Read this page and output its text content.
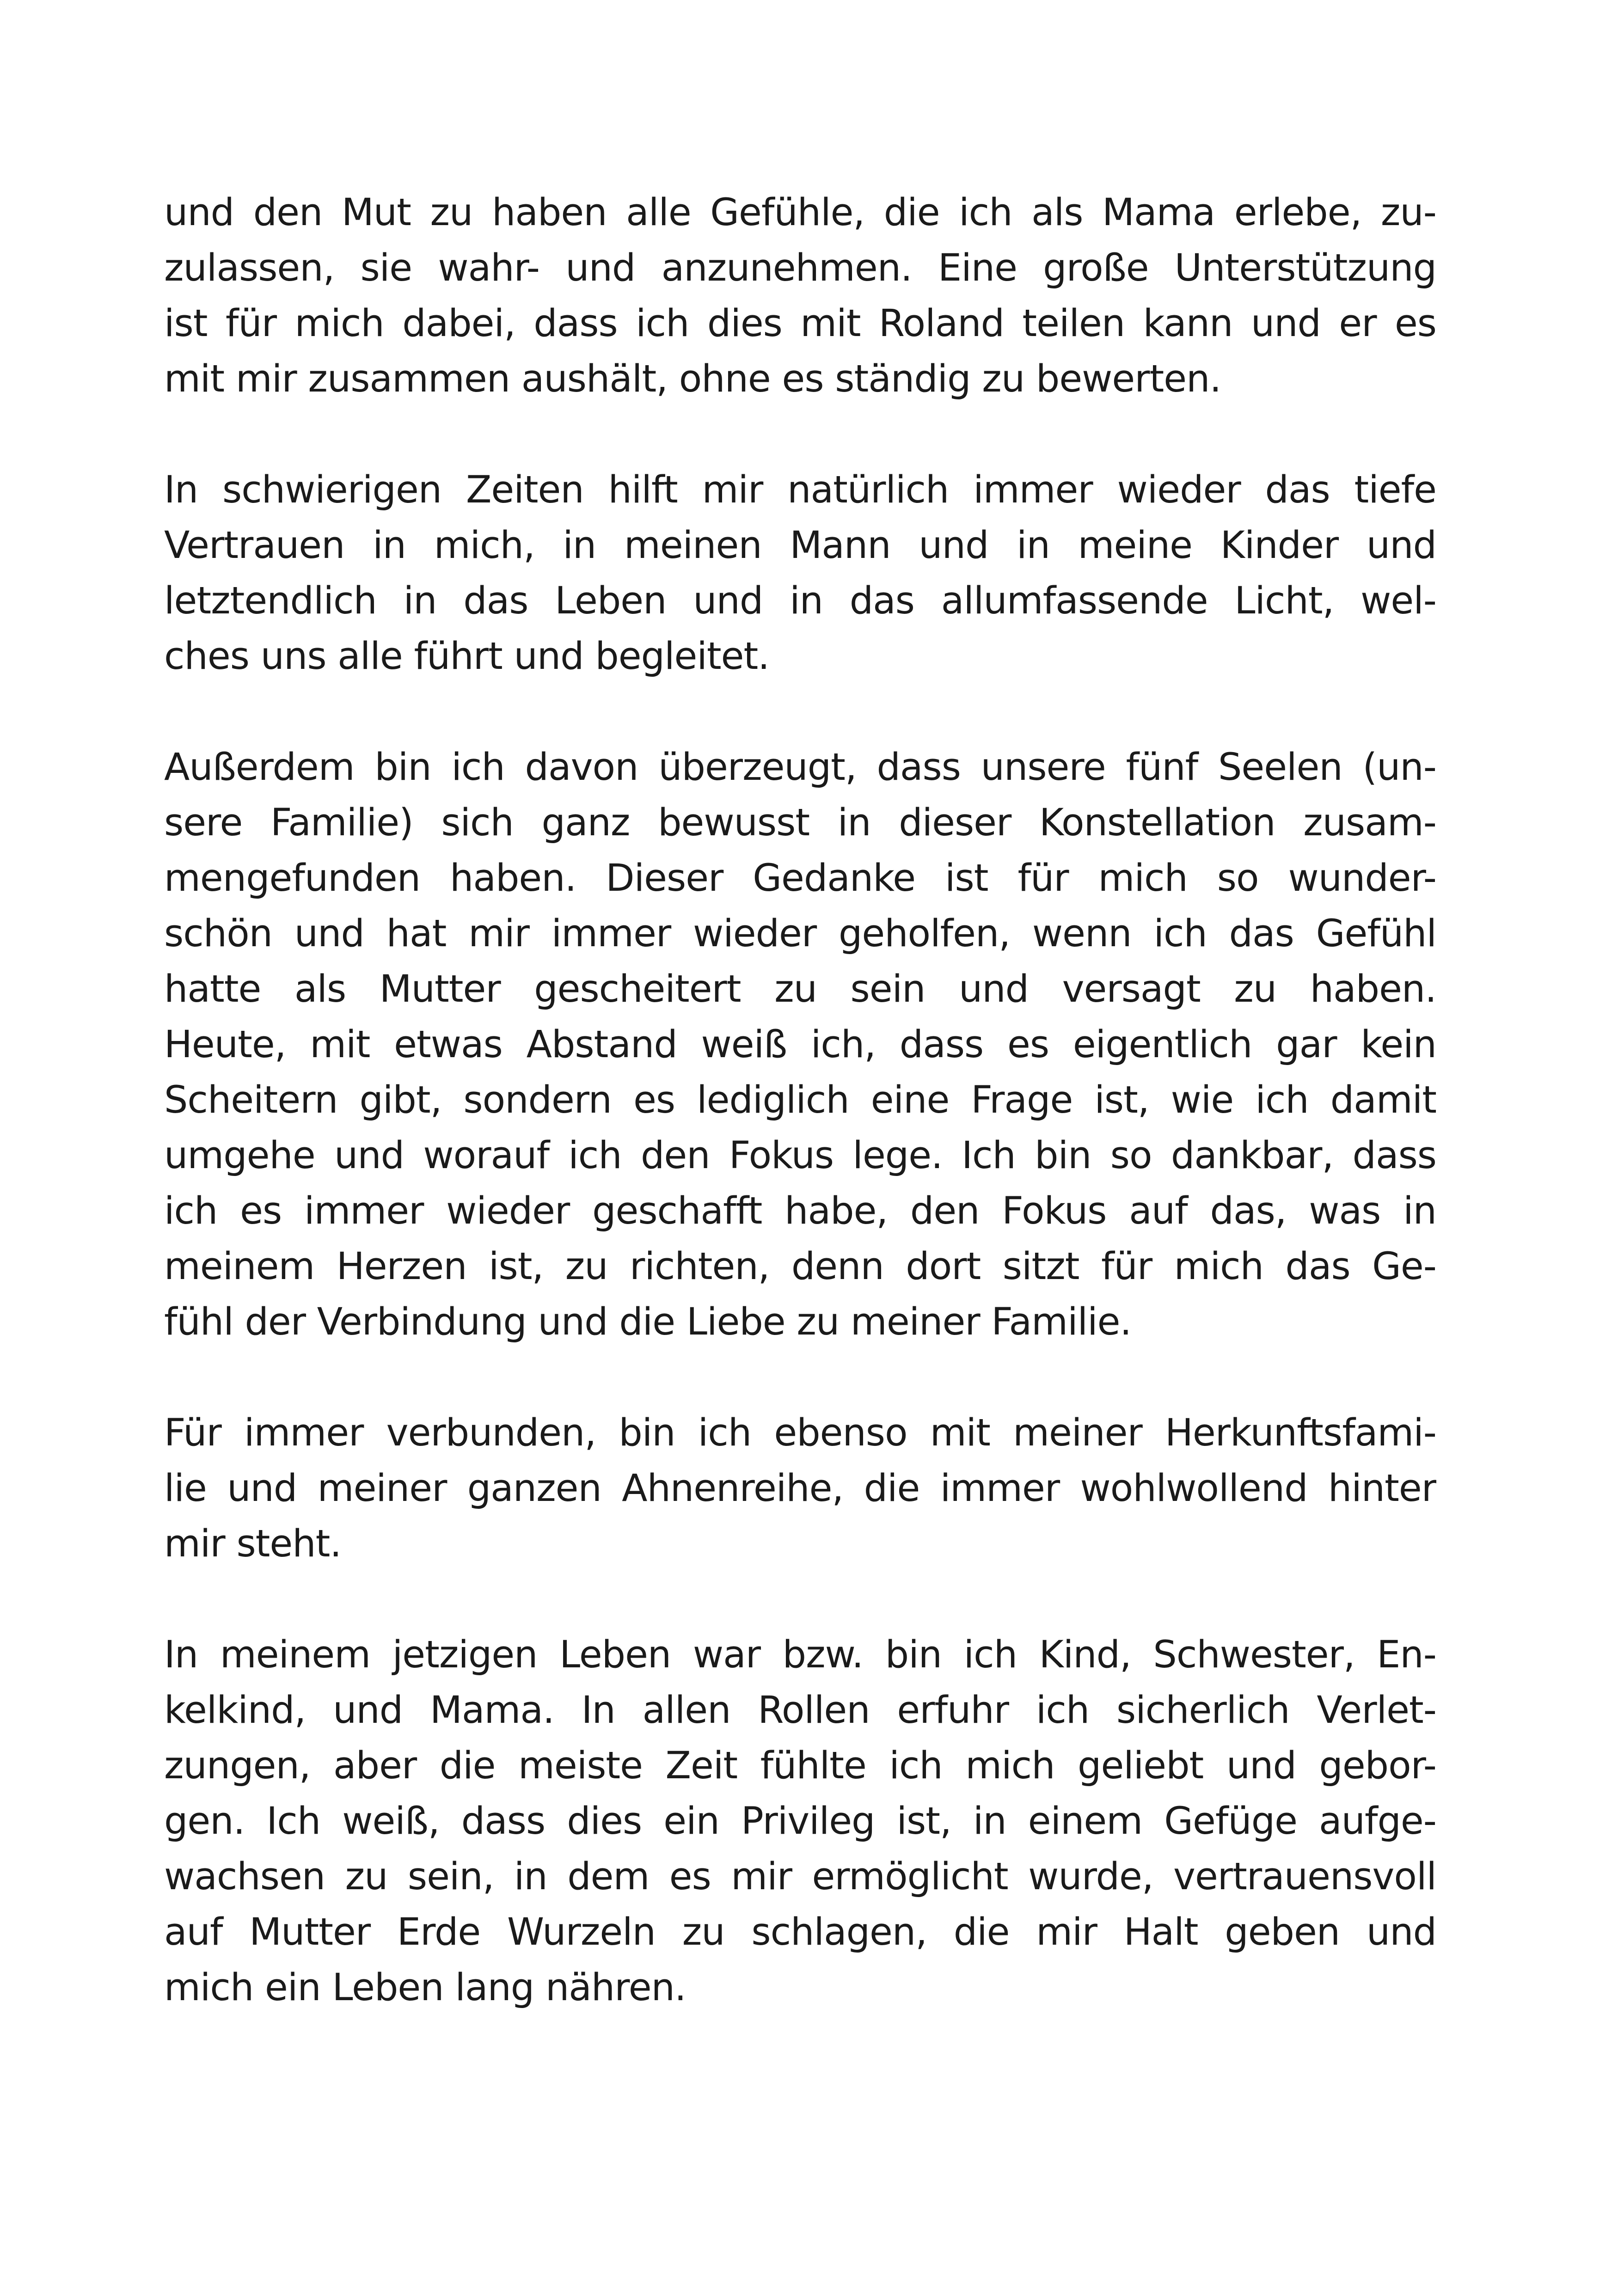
und den Mut zu haben alle Gefühle, die ich als Mama erlebe, zu-
zulassen, sie wahr- und anzunehmen. Eine große Unterstützung
ist für mich dabei, dass ich dies mit Roland teilen kann und er es
mit mir zusammen aushält, ohne es ständig zu bewerten.
In schwierigen Zeiten hilft mir natürlich immer wieder das tiefe
Vertrauen in mich, in meinen Mann und in meine Kinder und
letztendlich in das Leben und in das allumfassende Licht, wel-
ches uns alle führt und begleitet.
Außerdem bin ich davon überzeugt, dass unsere fünf Seelen (un-
sere Familie) sich ganz bewusst in dieser Konstellation zusam-
mengefunden haben. Dieser Gedanke ist für mich so wunder-
schön und hat mir immer wieder geholfen, wenn ich das Gefühl
hatte als Mutter gescheitert zu sein und versagt zu haben.
Heute, mit etwas Abstand weiß ich, dass es eigentlich gar kein
Scheitern gibt, sondern es lediglich eine Frage ist, wie ich damit
umgehe und worauf ich den Fokus lege. Ich bin so dankbar, dass
ich es immer wieder geschafft habe, den Fokus auf das, was in
meinem Herzen ist, zu richten, denn dort sitzt für mich das Ge-
fühl der Verbindung und die Liebe zu meiner Familie.
Für immer verbunden, bin ich ebenso mit meiner Herkunftsfami-
lie und meiner ganzen Ahnenreihe, die immer wohlwollend hinter
mir steht.
In meinem jetzigen Leben war bzw. bin ich Kind, Schwester, En-
kelkind, und Mama. In allen Rollen erfuhr ich sicherlich Verlet-
zungen, aber die meiste Zeit fühlte ich mich geliebt und gebor-
gen. Ich weiß, dass dies ein Privileg ist, in einem Gefüge aufge-
wachsen zu sein, in dem es mir ermöglicht wurde, vertrauensvoll
auf Mutter Erde Wurzeln zu schlagen, die mir Halt geben und
mich ein Leben lang nähren.
